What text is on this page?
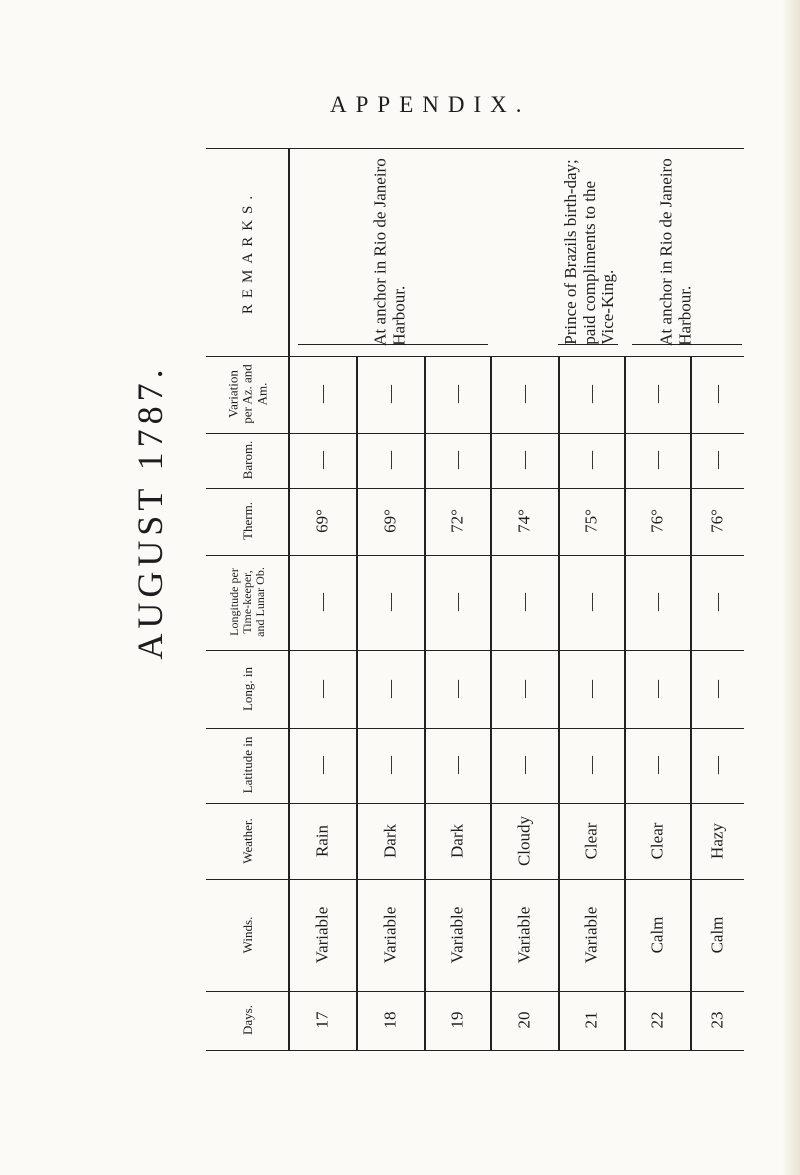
APPENDIX.
AUGUST 1787.
REMARKS.
Variation
per Az. and
Am.
Barom.
Therm.
Longitude per
Time-keeper,
and Lunar Ob.
Long. in
Latitude in
Weather.
Winds.
Days.
At anchor in Rio de Janeiro
Harbour.	Prince of Brazils birth-day;
paid compliments to the
Vice-King. At anchor in Rio de Janeiro
Harbour.
—
—
69°
—
—
—
Rain
Variable
17
—
—
69°
—
—
—
Dark
Variable
18
—
—
72°
—
—
—
Dark
Variable
19
—
—
74°
—
—
—
Cloudy
Variable
20
—
—
75°
—
—
—
Clear
Variable
21
—
—
76°
—
—
—
Clear
Calm
22
—
—
76°
—
—
—
Hazy
Calm
23
